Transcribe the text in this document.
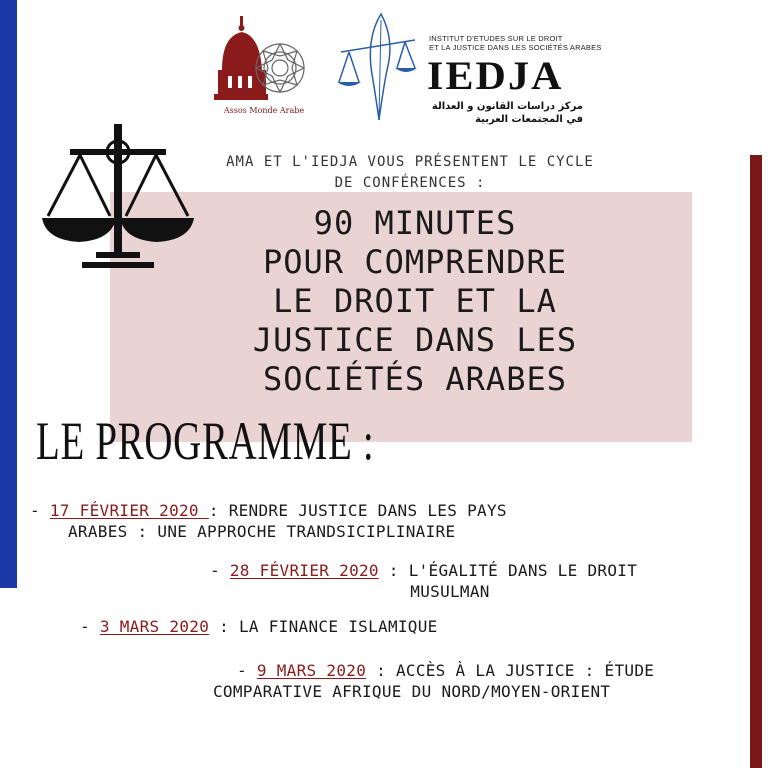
Assos Monde Arabe
INSTITUT D'ETUDES SUR LE DROIT
ET LA JUSTICE DANS LES SOCIÉTÉS ARABES
IEDJA
مركز دراسات القانون و العدالة
في المجتمعات العربية
AMA ET L'IEDJA VOUS PRÉSENTENT LE CYCLE
DE CONFÉRENCES :
90 MINUTES
POUR COMPRENDRE
LE DROIT ET LA
JUSTICE DANS LES
SOCIÉTÉS ARABES
LE PROGRAMME :
- 17 FÉVRIER 2020 : RENDRE JUSTICE DANS LES PAYS
ARABES : UNE APPROCHE TRANDSICIPLINAIRE
- 28 FÉVRIER 2020 : L'ÉGALITÉ DANS LE DROIT
MUSULMAN
- 3 MARS 2020 : LA FINANCE ISLAMIQUE
- 9 MARS 2020 : ACCÈS À LA JUSTICE : ÉTUDE
COMPARATIVE AFRIQUE DU NORD/MOYEN-ORIENT
